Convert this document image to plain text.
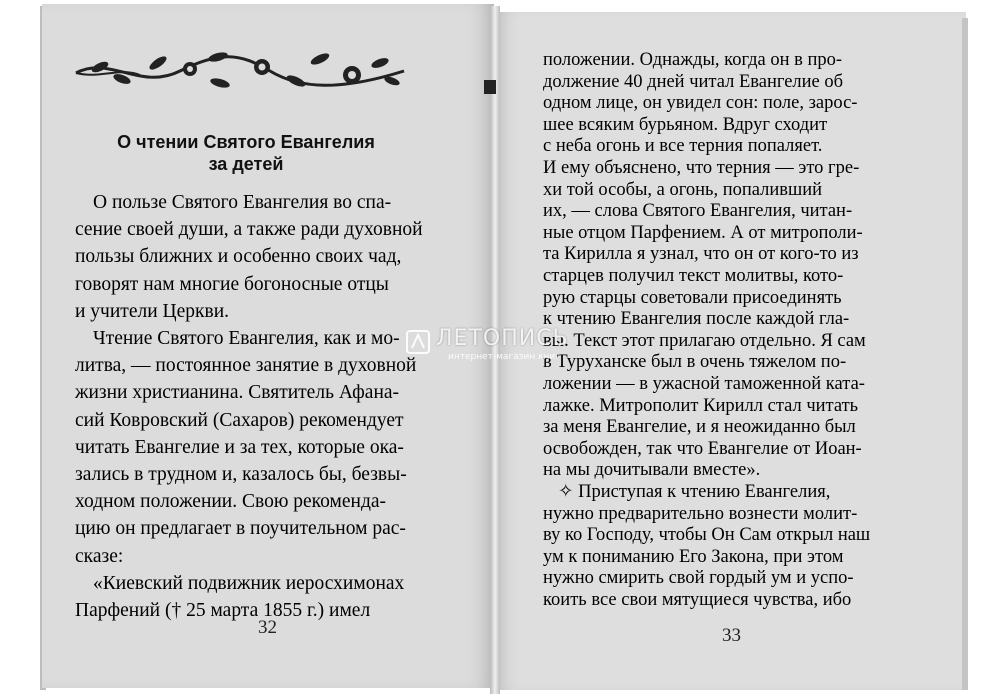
О чтении Святого Евангелия
за детей
О пользе Святого Евангелия во спа-
сение своей души, а также ради духовной
пользы ближних и особенно своих чад,
говорят нам многие богоносные отцы
и учители Церкви.
Чтение Святого Евангелия, как и мо-
литва, — постоянное занятие в духовной
жизни христианина. Святитель Афана-
сий Ковровский (Сахаров) рекомендует
читать Евангелие и за тех, которые ока-
зались в трудном и, казалось бы, безвы-
ходном положении. Свою рекоменда-
цию он предлагает в поучительном рас-
сказе:
«Киевский подвижник иеросхимонах
Парфений († 25 марта 1855 г.) имел
32
положении. Однажды, когда он в про-
должение 40 дней читал Евангелие об
одном лице, он увидел сон: поле, зарос-
шее всяким бурьяном. Вдруг сходит
с неба огонь и все терния попаляет.
И ему объяснено, что терния — это гре-
хи той особы, а огонь, попаливший
их, — слова Святого Евангелия, читан-
ные отцом Парфением. А от митрополи-
та Кирилла я узнал, что он от кого-то из
старцев получил текст молитвы, кото-
рую старцы советовали присоединять
к чтению Евангелия после каждой гла-
вы. Текст этот прилагаю отдельно. Я сам
в Туруханске был в очень тяжелом по-
ложении — в ужасной таможенной ката-
лажке. Митрополит Кирилл стал читать
за меня Евангелие, и я неожиданно был
освобожден, так что Евангелие от Иоан-
на мы дочитывали вместе».
✧ Приступая к чтению Евангелия,
нужно предварительно вознести молит-
ву ко Господу, чтобы Он Сам открыл наш
ум к пониманию Его Закона, при этом
нужно смирить свой гордый ум и успо-
коить все свои мятущиеся чувства, ибо
33
ЛЕТОПИСЬ
интернет-магазин книг
